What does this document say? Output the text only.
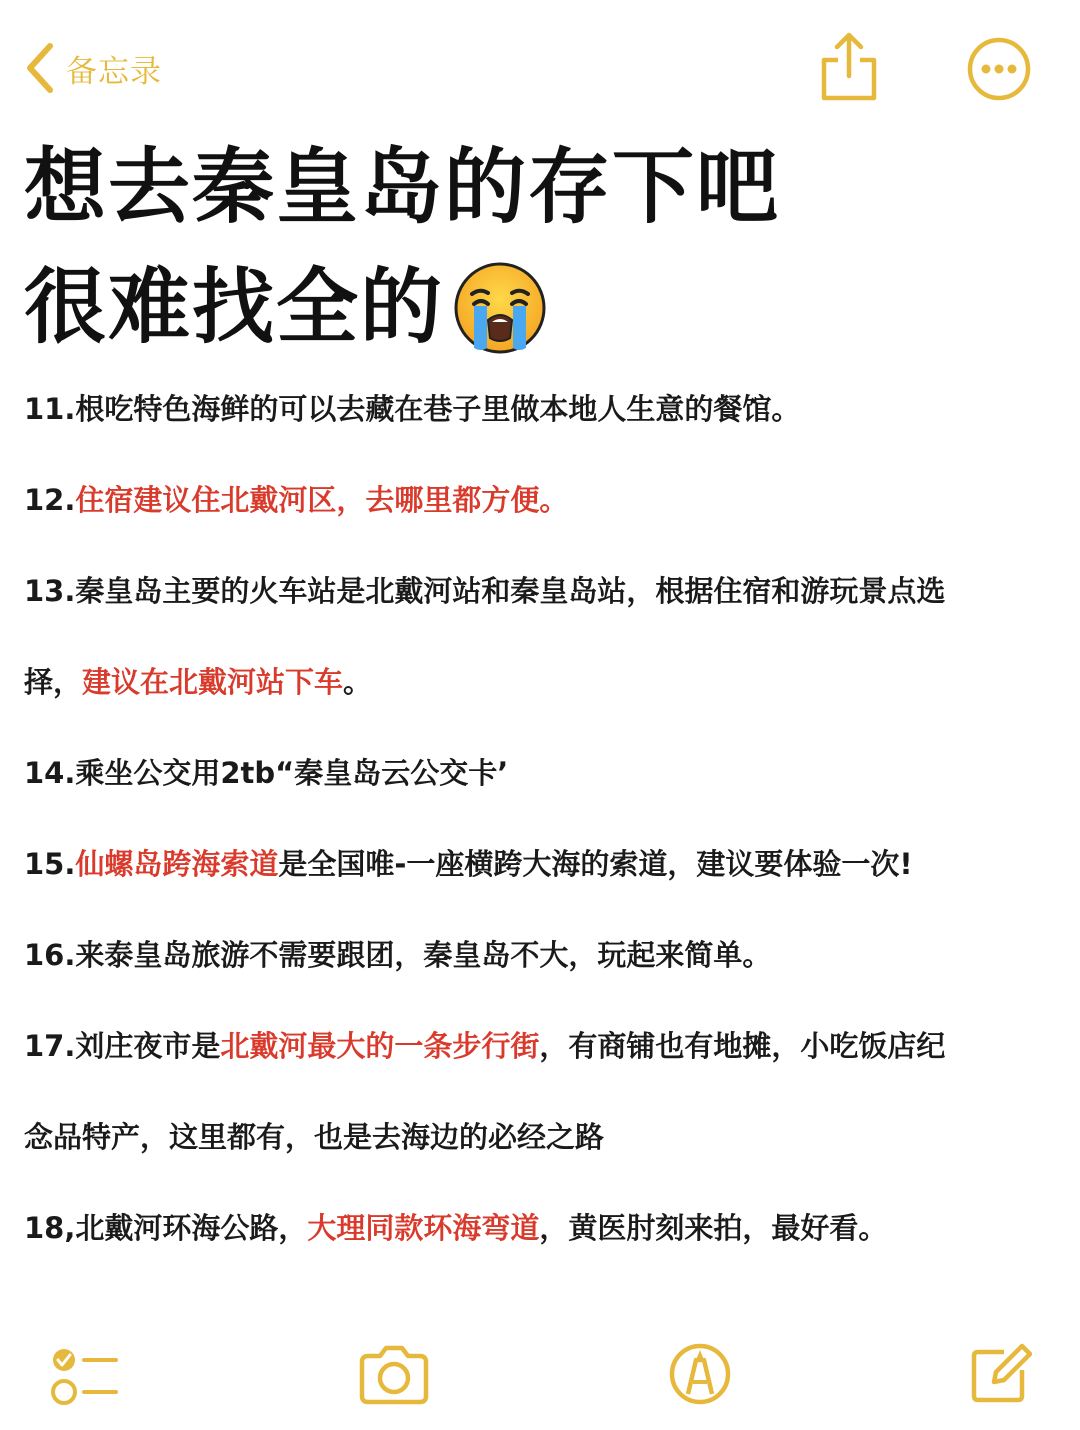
备忘录
想去秦皇岛的存下吧
很难找全的

11.根吃特色海鲜的可以去藏在巷子里做本地人生意的餐馆。

12.住宿建议住北戴河区，去哪里都方便。

13.秦皇岛主要的火车站是北戴河站和秦皇岛站，根据住宿和游玩景点选

择，建议在北戴河站下车。

14.乘坐公交用2tb“秦皇岛云公交卡’

15.仙螺岛跨海索道是全国唯-一座横跨大海的索道，建议要体验一次!

16.来泰皇岛旅游不需要跟团，秦皇岛不大，玩起来简单。

17.刘庄夜市是北戴河最大的一条步行街，有商铺也有地摊，小吃饭店纪

念品特产，这里都有，也是去海边的必经之路

18,北戴河环海公路，大理同款环海弯道，黄医肘刻来拍，最好看。
